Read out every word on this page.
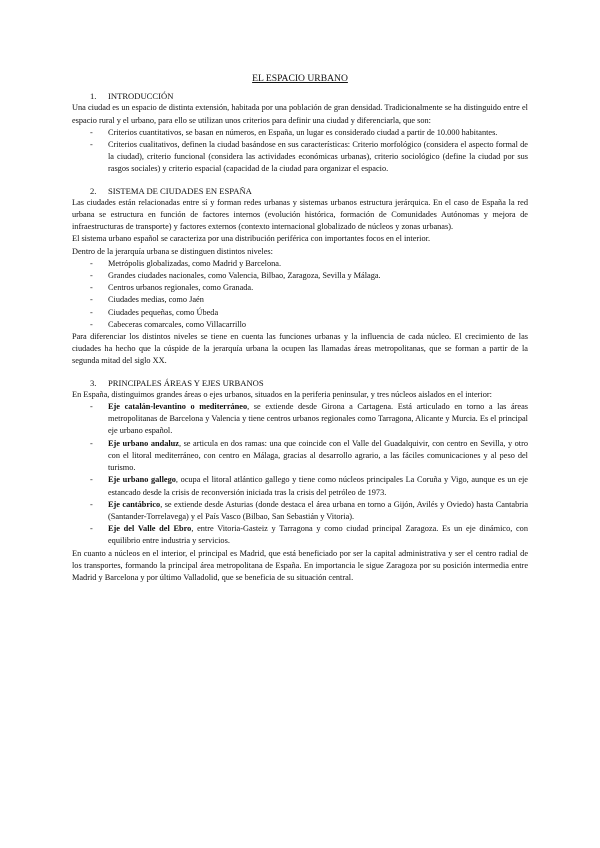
EL ESPACIO URBANO
1. INTRODUCCIÓN

Una ciudad es un espacio de distinta extensión, habitada por una población de gran densidad. Tradicionalmente se ha distinguido entre el espacio rural y el urbano, para ello se utilizan unos criterios para definir una ciudad y diferenciarla, que son:

- Criterios cuantitativos, se basan en números, en España, un lugar es considerado ciudad a partir de 10.000 habitantes.
- Criterios cualitativos, definen la ciudad basándose en sus características: Criterio morfológico (considera el aspecto formal de la ciudad), criterio funcional (considera las actividades económicas urbanas), criterio sociológico (define la ciudad por sus rasgos sociales) y criterio espacial (capacidad de la ciudad para organizar el espacio.
2. SISTEMA DE CIUDADES EN ESPAÑA

Las ciudades están relacionadas entre sí y forman redes urbanas y sistemas urbanos estructura jerárquica. En el caso de España la red urbana se estructura en función de factores internos (evolución histórica, formación de Comunidades Autónomas y mejora de infraestructuras de transporte) y factores externos (contexto internacional globalizado de núcleos y zonas urbanas).

El sistema urbano español se caracteriza por una distribución periférica con importantes focos en el interior.

Dentro de la jerarquía urbana se distinguen distintos niveles:

- Metrópolis globalizadas, como Madrid y Barcelona.
- Grandes ciudades nacionales, como Valencia, Bilbao, Zaragoza, Sevilla y Málaga.
- Centros urbanos regionales, como Granada.
- Ciudades medias, como Jaén
- Ciudades pequeñas, como Úbeda
- Cabeceras comarcales, como Villacarrillo

Para diferenciar los distintos niveles se tiene en cuenta las funciones urbanas y la influencia de cada núcleo. El crecimiento de las ciudades ha hecho que la cúspide de la jerarquía urbana la ocupen las llamadas áreas metropolitanas, que se forman a partir de la segunda mitad del siglo XX.

3. PRINCIPALES ÁREAS Y EJES URBANOS

En España, distinguimos grandes áreas o ejes urbanos, situados en la periferia peninsular, y tres núcleos aislados en el interior:

- Eje catalán-levantino o mediterráneo, se extiende desde Girona a Cartagena. Está articulado en torno a las áreas metropolitanas de Barcelona y Valencia y tiene centros urbanos regionales como Tarragona, Alicante y Murcia. Es el principal eje urbano español.
- Eje urbano andaluz, se articula en dos ramas: una que coincide con el Valle del Guadalquivir, con centro en Sevilla, y otro con el litoral mediterráneo, con centro en Málaga, gracias al desarrollo agrario, a las fáciles comunicaciones y al peso del turismo.
- Eje urbano gallego, ocupa el litoral atlántico gallego y tiene como núcleos principales La Coruña y Vigo, aunque es un eje estancado desde la crisis de reconversión iniciada tras la crisis del petróleo de 1973.
- Eje cantábrico, se extiende desde Asturias (donde destaca el área urbana en torno a Gijón, Avilés y Oviedo) hasta Cantabria (Santander-Torrelavega) y el País Vasco (Bilbao, San Sebastián y Vitoria).
- Eje del Valle del Ebro, entre Vitoria-Gasteiz y Tarragona y como ciudad principal Zaragoza. Es un eje dinámico, con equilibrio entre industria y servicios.

En cuanto a núcleos en el interior, el principal es Madrid, que está beneficiado por ser la capital administrativa y ser el centro radial de los transportes, formando la principal área metropolitana de España. En importancia le sigue Zaragoza por su posición intermedia entre Madrid y Barcelona y por último Valladolid, que se beneficia de su situación central.
